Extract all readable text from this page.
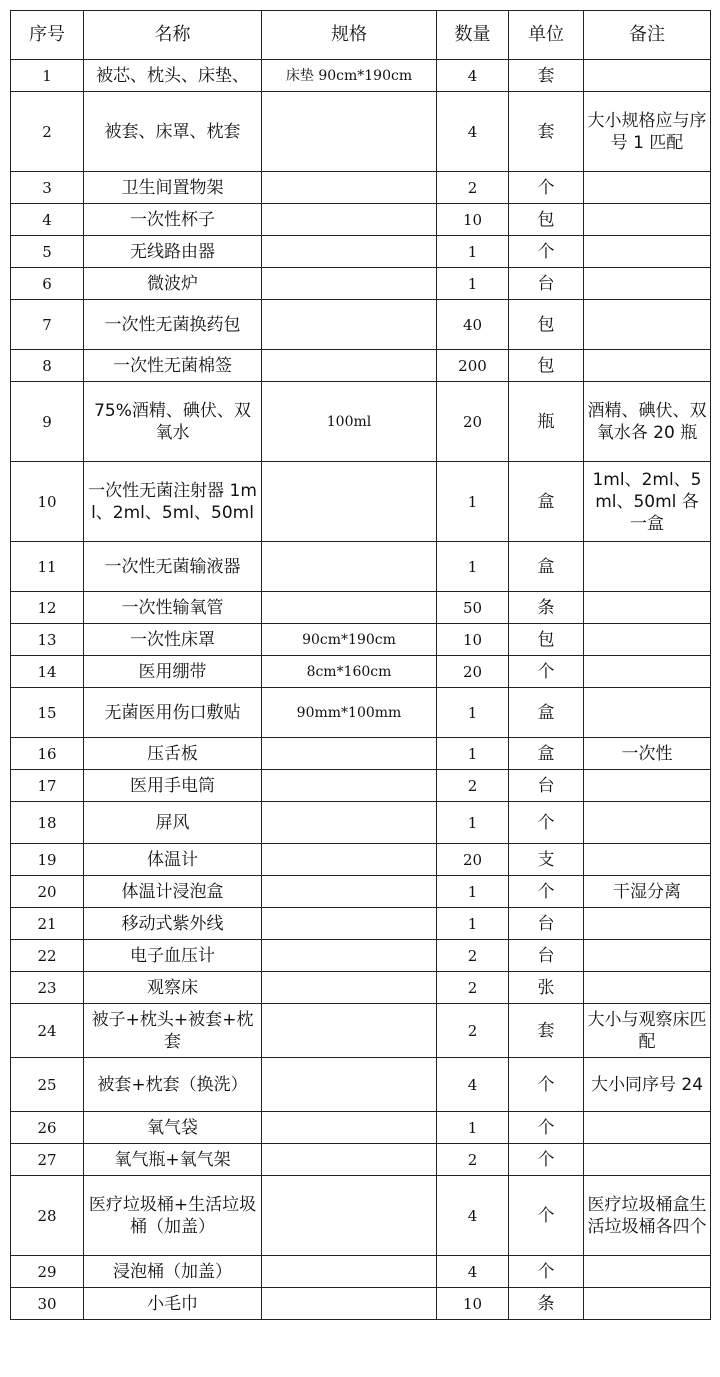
序号	名称	规格	数量	单位	备注
1	被芯、枕头、床垫、	床垫 90cm*190cm	4	套	
2	被套、床罩、枕套		4	套	大小规格应与序号 1 匹配
3	卫生间置物架		2	个	
4	一次性杯子		10	包	
5	无线路由器		1	个	
6	微波炉		1	台	
7	一次性无菌换药包		40	包	
8	一次性无菌棉签		200	包	
9	75%酒精、碘伏、双氧水	100ml	20	瓶	酒精、碘伏、双氧水各 20 瓶
10	一次性无菌注射器 1ml、2ml、5ml、50ml		1	盒	1ml、2ml、5ml、50ml 各一盒
11	一次性无菌输液器		1	盒	
12	一次性输氧管		50	条	
13	一次性床罩	90cm*190cm	10	包	
14	医用绷带	8cm*160cm	20	个	
15	无菌医用伤口敷贴	90mm*100mm	1	盒	
16	压舌板		1	盒	一次性
17	医用手电筒		2	台	
18	屏风		1	个	
19	体温计		20	支	
20	体温计浸泡盒		1	个	干湿分离
21	移动式紫外线		1	台	
22	电子血压计		2	台	
23	观察床		2	张	
24	被子+枕头+被套+枕套		2	套	大小与观察床匹配
25	被套+枕套（换洗）		4	个	大小同序号 24
26	氧气袋		1	个	
27	氧气瓶+氧气架		2	个	
28	医疗垃圾桶+生活垃圾桶（加盖）		4	个	医疗垃圾桶盒生活垃圾桶各四个
29	浸泡桶（加盖）		4	个	
30	小毛巾		10	条	
